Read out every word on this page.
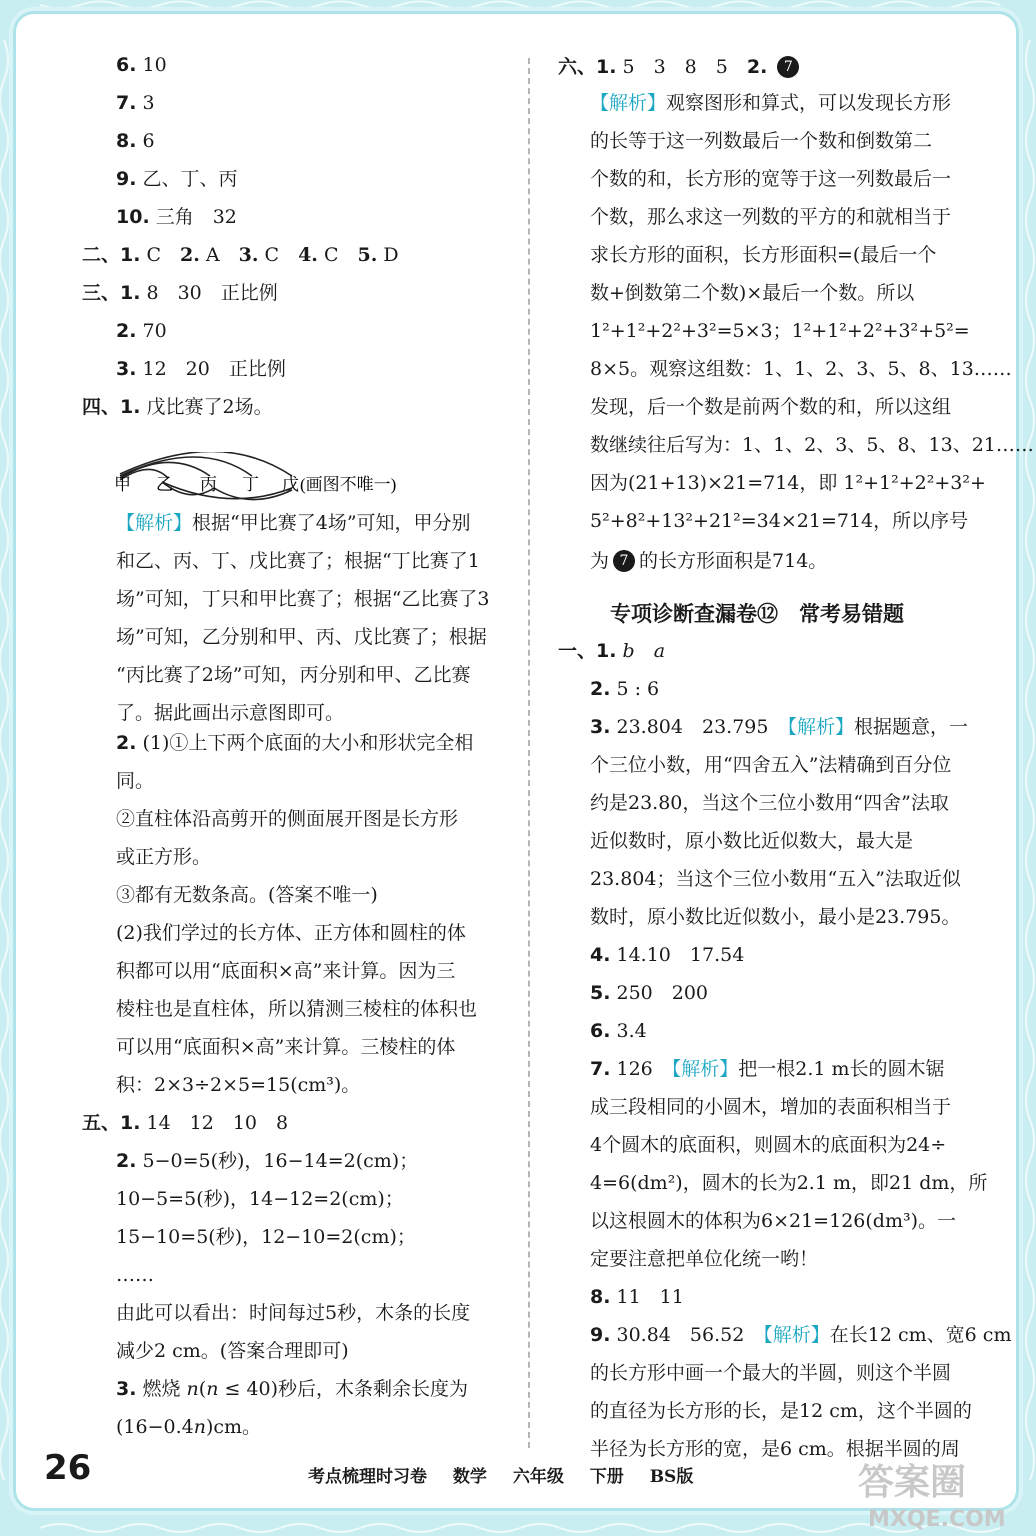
6. 10
7. 3
8. 6
9. 乙、丁、丙
10. 三角　32
二、1. C　2. A　3. C　4. C　5. D
三、1. 8　30　正比例
2. 70
3. 12　20　正比例
四、1. 戊比赛了2场。
【解析】根据“甲比赛了4场”可知，甲分别
和乙、丙、丁、戊比赛了；根据“丁比赛了1
场”可知，丁只和甲比赛了；根据“乙比赛了3
场”可知，乙分别和甲、丙、戊比赛了；根据
“丙比赛了2场”可知，丙分别和甲、乙比赛
了。据此画出示意图即可。
2. (1)①上下两个底面的大小和形状完全相
同。
②直柱体沿高剪开的侧面展开图是长方形
或正方形。
③都有无数条高。(答案不唯一)
(2)我们学过的长方体、正方体和圆柱的体
积都可以用“底面积×高”来计算。因为三
棱柱也是直柱体，所以猜测三棱柱的体积也
可以用“底面积×高”来计算。三棱柱的体
积：2×3÷2×5=15(cm³)。
五、1. 14　12　10　8
2. 5−0=5(秒)，16−14=2(cm)；
10−5=5(秒)，14−12=2(cm)；
15−10=5(秒)，12−10=2(cm)；
……
由此可以看出：时间每过5秒，木条的长度
减少2 cm。(答案合理即可)
3. 燃烧 n(n ≤ 40)秒后，木条剩余长度为
(16−0.4n)cm。
甲 乙 丙 丁 戊 (画图不唯一)
六、1. 5　3　8　5　2. 7
【解析】观察图形和算式，可以发现长方形
的长等于这一列数最后一个数和倒数第二
个数的和，长方形的宽等于这一列数最后一
个数，那么求这一列数的平方的和就相当于
求长方形的面积，长方形面积=(最后一个
数+倒数第二个数)×最后一个数。所以
1²+1²+2²+3²=5×3；1²+1²+2²+3²+5²=
8×5。观察这组数：1、1、2、3、5、8、13……
发现，后一个数是前两个数的和，所以这组
数继续往后写为：1、1、2、3、5、8、13、21……
因为(21+13)×21=714，即 1²+1²+2²+3²+
5²+8²+13²+21²=34×21=714，所以序号
为 7 的长方形面积是714。
一、1. b　 a
2. 5 : 6
3. 23.804　23.795　【解析】根据题意，一
个三位小数，用“四舍五入”法精确到百分位
约是23.80，当这个三位小数用“四舍”法取
近似数时，原小数比近似数大，最大是
23.804；当这个三位小数用“五入”法取近似
数时，原小数比近似数小，最小是23.795。
4. 14.10　17.54
5. 250　200
6. 3.4
7. 126　【解析】把一根2.1 m长的圆木锯
成三段相同的小圆木，增加的表面积相当于
4个圆木的底面积，则圆木的底面积为24÷
4=6(dm²)，圆木的长为2.1 m，即21 dm，所
以这根圆木的体积为6×21=126(dm³)。一
定要注意把单位化统一哟！
8. 11　11
9. 30.84　56.52　【解析】在长12 cm、宽6 cm
的长方形中画一个最大的半圆，则这个半圆
的直径为长方形的长，是12 cm，这个半圆的
半径为长方形的宽，是6 cm。根据半圆的周
专项诊断查漏卷⑫　常考易错题
26	考点梳理时习卷 数学 六年级 下册 BS版	答案圈
MXQE.COM
